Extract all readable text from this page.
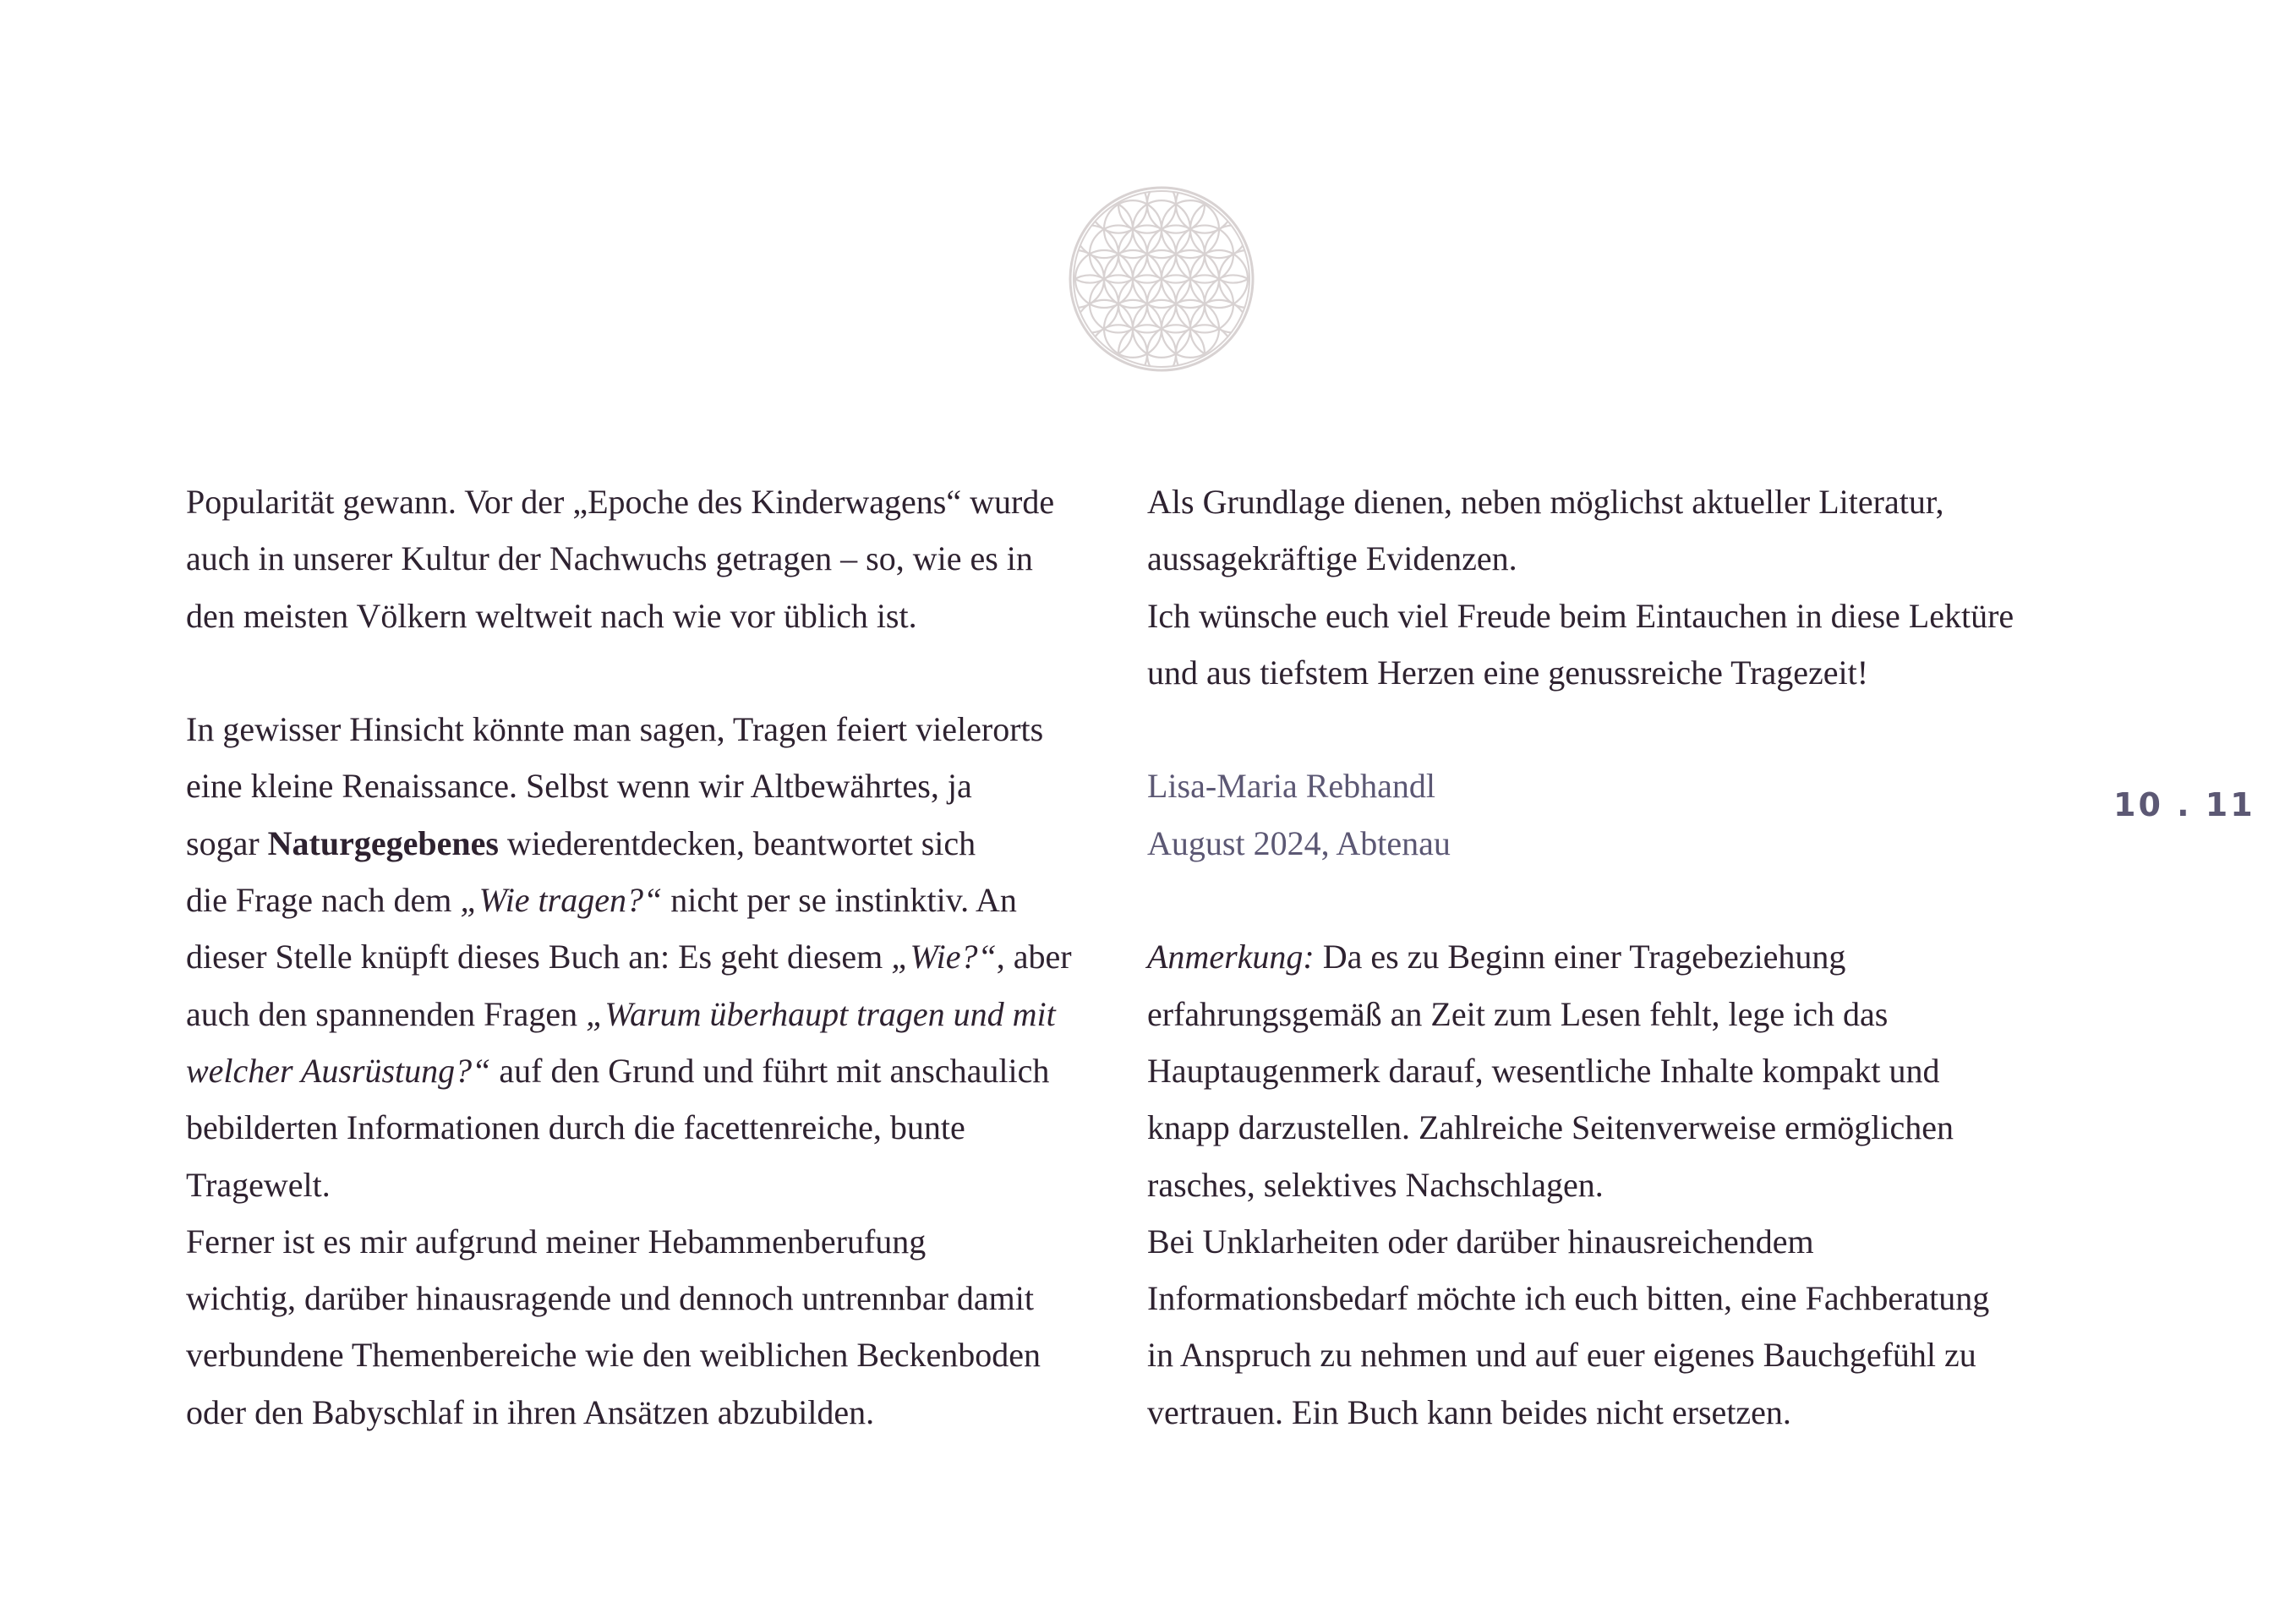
Popularität gewann. Vor der „Epoche des Kinderwagens“ wurde
auch in unserer Kultur der Nachwuchs getragen – so, wie es in
den meisten Völkern weltweit nach wie vor üblich ist.
In gewisser Hinsicht könnte man sagen, Tragen feiert vielerorts
eine kleine Renaissance. Selbst wenn wir Altbewährtes, ja
sogar Naturgegebenes wiederentdecken, beantwortet sich
die Frage nach dem „Wie tragen?“ nicht per se instinktiv. An
dieser Stelle knüpft dieses Buch an: Es geht diesem „Wie?“, aber
auch den spannenden Fragen „Warum überhaupt tragen und mit
welcher Ausrüstung?“ auf den Grund und führt mit anschaulich
bebilderten Informationen durch die facettenreiche, bunte
Tragewelt.
Ferner ist es mir aufgrund meiner Hebammenberufung
wichtig, darüber hinausragende und dennoch untrennbar damit
verbundene Themenbereiche wie den weiblichen Beckenboden
oder den Babyschlaf in ihren Ansätzen abzubilden.
Als Grundlage dienen, neben möglichst aktueller Literatur,
aussagekräftige Evidenzen.
Ich wünsche euch viel Freude beim Eintauchen in diese Lektüre
und aus tiefstem Herzen eine genussreiche Tragezeit!
Lisa-Maria Rebhandl
August 2024, Abtenau
Anmerkung: Da es zu Beginn einer Tragebeziehung
erfahrungsgemäß an Zeit zum Lesen fehlt, lege ich das
Hauptaugenmerk darauf, wesentliche Inhalte kompakt und
knapp darzustellen. Zahlreiche Seitenverweise ermöglichen
rasches, selektives Nachschlagen.
Bei Unklarheiten oder darüber hinausreichendem
Informationsbedarf möchte ich euch bitten, eine Fachberatung
in Anspruch zu nehmen und auf euer eigenes Bauchgefühl zu
vertrauen. Ein Buch kann beides nicht ersetzen.
10 . 11
